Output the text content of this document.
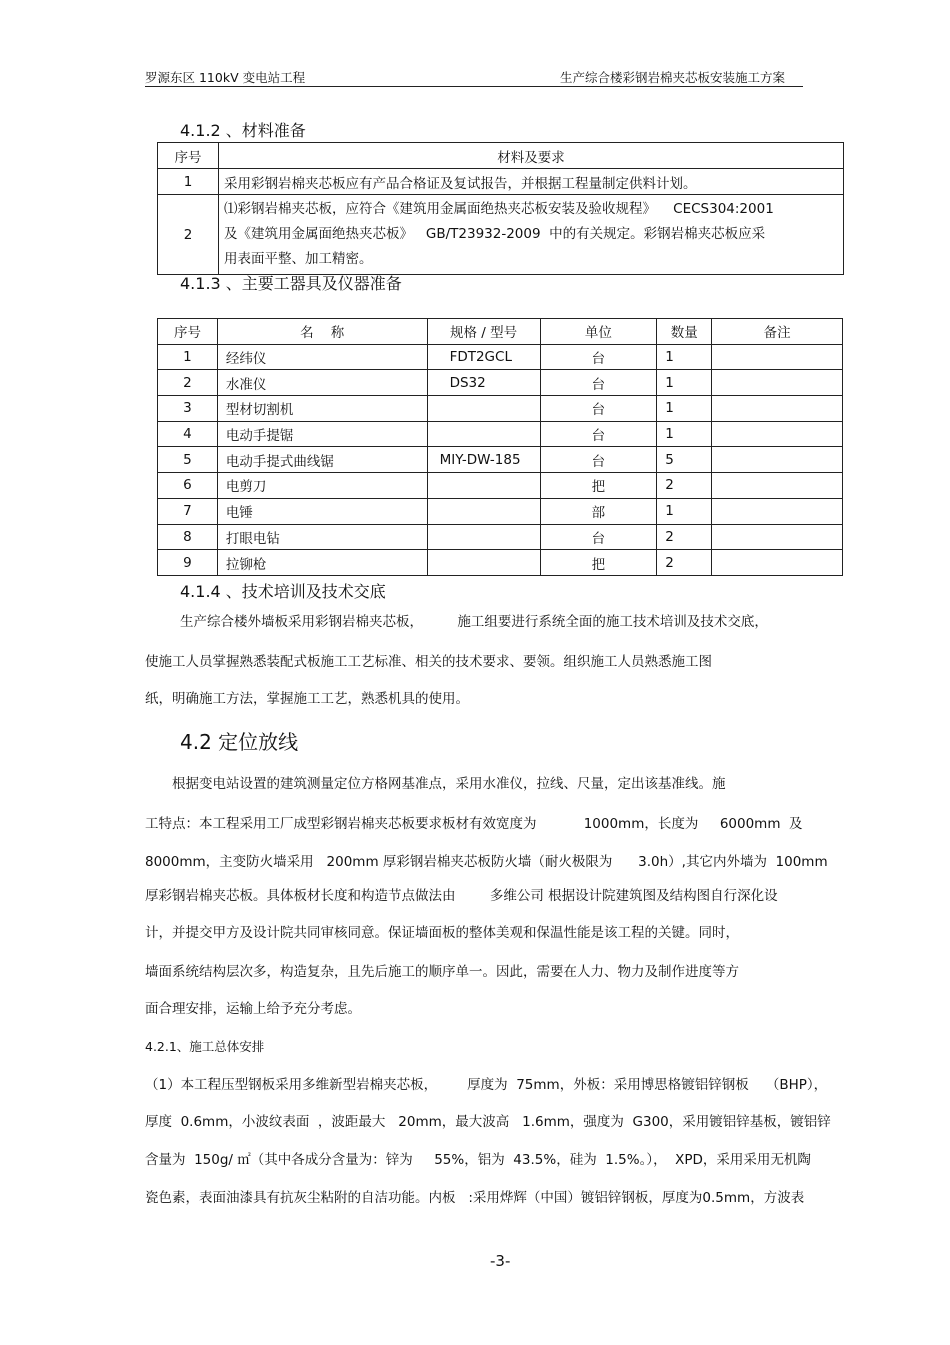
罗源东区 110kV 变电站工程	生产综合楼彩钢岩棉夹芯板安装施工方案
4.1.2 、材料准备
序号	材料及要求
1	采用彩钢岩棉夹芯板应有产品合格证及复试报告，并根据工程量制定供料计划。
2	⑴彩钢岩棉夹芯板，应符合《建筑用金属面绝热夹芯板安装及验收规程》    CECS304:2001
及《建筑用金属面绝热夹芯板》   GB/T23932-2009  中的有关规定。彩钢岩棉夹芯板应采
用表面平整、加工精密。
4.1.3 、主要工器具及仪器准备
序号	名    称	规格 / 型号	单位	数量	备注
1	经纬仪	FDT2GCL	台	1	
2	水准仪	DS32	台	1	
3	型材切割机		台	1	
4	电动手提锯		台	1	
5	电动手提式曲线锯	MIY-DW-185	台	5	
6	电剪刀		把	2	
7	电锤		部	1	
8	打眼电钻		台	2	
9	拉铆枪		把	2	
4.1.4 、技术培训及技术交底
生产综合楼外墙板采用彩钢岩棉夹芯板，        施工组要进行系统全面的施工技术培训及技术交底，
使施工人员掌握熟悉装配式板施工工艺标准、相关的技术要求、要领。组织施工人员熟悉施工图
纸，明确施工方法，掌握施工工艺，熟悉机具的使用。
4.2 定位放线
根据变电站设置的建筑测量定位方格网基准点，采用水准仪，拉线、尺量，定出该基准线。施
工特点：本工程采用工厂成型彩钢岩棉夹芯板要求板材有效宽度为           1000mm，长度为     6000mm  及
8000mm，主变防火墙采用   200mm 厚彩钢岩棉夹芯板防火墙（耐火极限为      3.0h）,其它内外墙为  100mm
厚彩钢岩棉夹芯板。具体板材长度和构造节点做法由        多维公司 根据设计院建筑图及结构图自行深化设
计，并提交甲方及设计院共同审核同意。保证墙面板的整体美观和保温性能是该工程的关键。同时，
墙面系统结构层次多，构造复杂，且先后施工的顺序单一。因此，需要在人力、物力及制作进度等方
面合理安排，运输上给予充分考虑。
4.2.1、施工总体安排
（1）本工程压型钢板采用多维新型岩棉夹芯板，       厚度为  75mm，外板：采用博思格镀铝锌钢板    （BHP），
厚度  0.6mm，小波纹表面  ，波距最大   20mm，最大波高   1.6mm，强度为  G300，采用镀铝锌基板，镀铝锌
含量为  150g/ ㎡（其中各成分含量为：锌为     55%，铝为  43.5%，硅为  1.5%。），  XPD，采用采用无机陶
瓷色素，表面油漆具有抗灰尘粘附的自洁功能。内板   :采用烨辉（中国）镀铝锌钢板，厚度为0.5mm，方波表
-3-
